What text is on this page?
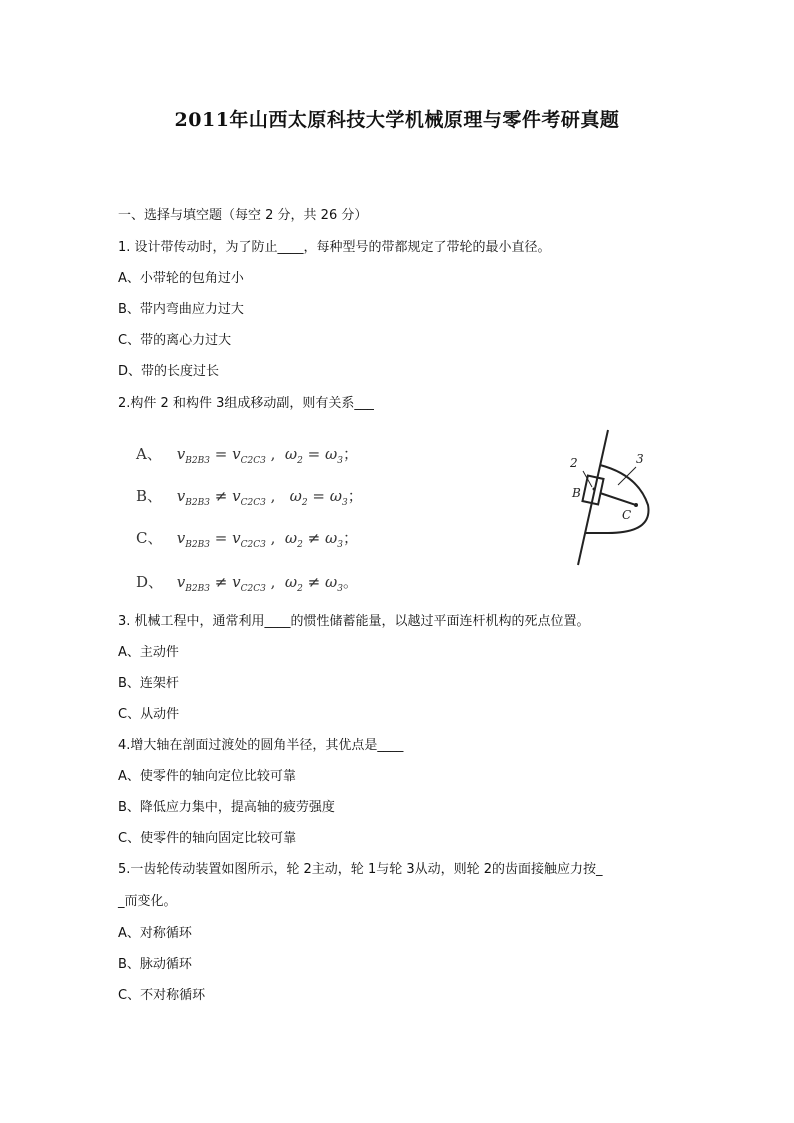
2011年山西太原科技大学机械原理与零件考研真题
一、选择与填空题（每空 2 分，共 26 分）
1. 设计带传动时，为了防止____，每种型号的带都规定了带轮的最小直径。
A、小带轮的包角过小
B、带内弯曲应力过大
C、带的离心力过大
D、带的长度过长
2.构件 2 和构件 3组成移动副，则有关系___
A、 $v_{B2B3} = v_{C2C3}$ ,  $\omega_2 = \omega_3$；
B、 $v_{B2B3} \ne v_{C2C3}$ ,   $\omega_2 = \omega_3$；
C、 $v_{B2B3} = v_{C2C3}$ ,  $\omega_2 \ne \omega_3$；
D、 $v_{B2B3} \ne v_{C2C3}$ ,  $\omega_2 \ne \omega_3$。
2	3
B
C
3. 机械工程中，通常利用____的惯性储蓄能量，以越过平面连杆机构的死点位置。
A、主动件
B、连架杆
C、从动件
4.增大轴在剖面过渡处的圆角半径，其优点是____
A、使零件的轴向定位比较可靠
B、降低应力集中，提高轴的疲劳强度
C、使零件的轴向固定比较可靠
5.一齿轮传动装置如图所示，轮 2主动，轮 1与轮 3从动，则轮 2的齿面接触应力按_
_而变化。
A、对称循环
B、脉动循环
C、不对称循环
